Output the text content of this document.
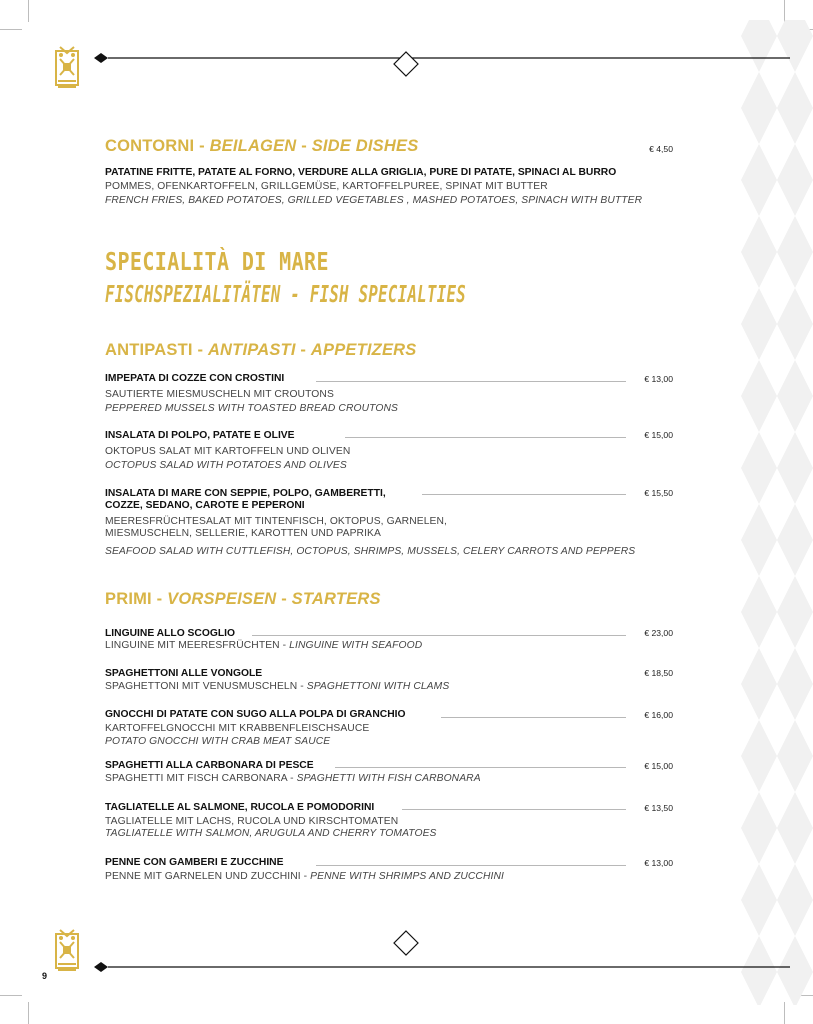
CONTORNI - BEILAGEN - SIDE DISHES	€ 4,50
PATATINE FRITTE, PATATE AL FORNO, VERDURE ALLA GRIGLIA, PURE DI PATATE, SPINACI AL BURRO
POMMES, OFENKARTOFFELN, GRILLGEMÜSE, KARTOFFELPUREE, SPINAT MIT BUTTER
FRENCH FRIES, BAKED POTATOES, GRILLED VEGETABLES , MASHED POTATOES, SPINACH WITH BUTTER
SPECIALITÀ DI MARE
FISCHSPEZIALITÄTEN - FISH SPECIALTIES
ANTIPASTI - ANTIPASTI - APPETIZERS
IMPEPATA DI COZZE CON CROSTINI	€ 13,00
SAUTIERTE MIESMUSCHELN MIT CROUTONS
PEPPERED MUSSELS WITH TOASTED BREAD CROUTONS
INSALATA DI POLPO, PATATE E OLIVE	€ 15,00
OKTOPUS SALAT MIT KARTOFFELN UND OLIVEN
OCTOPUS SALAD WITH POTATOES AND OLIVES
INSALATA DI MARE CON SEPPIE, POLPO, GAMBERETTI,
COZZE, SEDANO, CAROTE E PEPERONI
€ 15,50
MEERESFRÜCHTESALAT MIT TINTENFISCH, OKTOPUS, GARNELEN,
MIESMUSCHELN, SELLERIE, KAROTTEN UND PAPRIKA
SEAFOOD SALAD WITH CUTTLEFISH, OCTOPUS, SHRIMPS, MUSSELS, CELERY CARROTS AND PEPPERS
PRIMI - VORSPEISEN - STARTERS
LINGUINE ALLO SCOGLIO	€ 23,00
LINGUINE MIT MEERESFRÜCHTEN - LINGUINE WITH SEAFOOD
SPAGHETTONI ALLE VONGOLE	€ 18,50
SPAGHETTONI MIT VENUSMUSCHELN - SPAGHETTONI WITH CLAMS
GNOCCHI DI PATATE CON SUGO ALLA POLPA DI GRANCHIO	€ 16,00
KARTOFFELGNOCCHI MIT KRABBENFLEISCHSAUCE
POTATO GNOCCHI WITH CRAB MEAT SAUCE
SPAGHETTI ALLA CARBONARA DI PESCE	€ 15,00
SPAGHETTI MIT FISCH CARBONARA - SPAGHETTI WITH FISH CARBONARA
TAGLIATELLE AL SALMONE, RUCOLA E POMODORINI	€ 13,50
TAGLIATELLE MIT LACHS, RUCOLA UND KIRSCHTOMATEN
TAGLIATELLE WITH SALMON, ARUGULA AND CHERRY TOMATOES
PENNE CON GAMBERI E ZUCCHINE	€ 13,00
PENNE MIT GARNELEN UND ZUCCHINI - PENNE WITH SHRIMPS AND ZUCCHINI
9
